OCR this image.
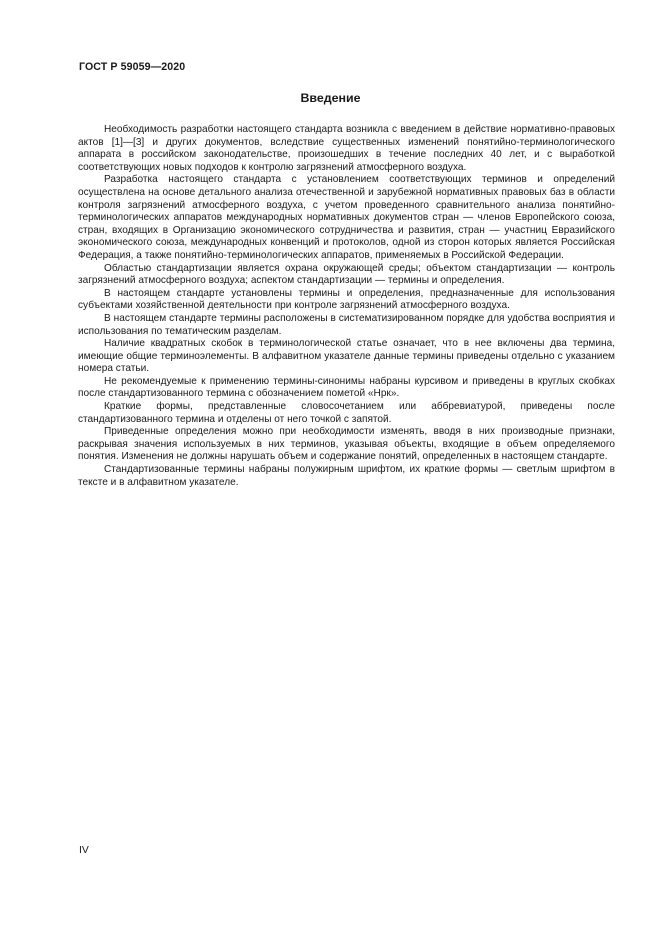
ГОСТ Р 59059—2020
Введение

Необходимость разработки настоящего стандарта возникла с введением в действие нормативно-правовых актов [1]—[3] и других документов, вследствие существенных изменений понятийно-терминологического аппарата в российском законодательстве, произошедших в течение последних 40 лет, и с выработкой соответствующих новых подходов к контролю загрязнений атмосферного воздуха.

Разработка настоящего стандарта с установлением соответствующих терминов и определений осуществлена на основе детального анализа отечественной и зарубежной нормативных правовых баз в области контроля загрязнений атмосферного воздуха, с учетом проведенного сравнительного анализа понятийно-терминологических аппаратов международных нормативных документов стран — членов Европейского союза, стран, входящих в Организацию экономического сотрудничества и развития, стран — участниц Евразийского экономического союза, международных конвенций и протоколов, одной из сторон которых является Российская Федерация, а также понятийно-терминологических аппаратов, применяемых в Российской Федерации.

Областью стандартизации является охрана окружающей среды; объектом стандартизации — контроль загрязнений атмосферного воздуха; аспектом стандартизации — термины и определения.

В настоящем стандарте установлены термины и определения, предназначенные для использования субъектами хозяйственной деятельности при контроле загрязнений атмосферного воздуха.

В настоящем стандарте термины расположены в систематизированном порядке для удобства восприятия и использования по тематическим разделам.

Наличие квадратных скобок в терминологической статье означает, что в нее включены два термина, имеющие общие терминоэлементы. В алфавитном указателе данные термины приведены отдельно с указанием номера статьи.

Не рекомендуемые к применению термины-синонимы набраны курсивом и приведены в круглых скобках после стандартизованного термина с обозначением пометой «Нрк».

Краткие формы, представленные словосочетанием или аббревиатурой, приведены после стандартизованного термина и отделены от него точкой с запятой.

Приведенные определения можно при необходимости изменять, вводя в них производные признаки, раскрывая значения используемых в них терминов, указывая объекты, входящие в объем определяемого понятия. Изменения не должны нарушать объем и содержание понятий, определенных в настоящем стандарте.

Стандартизованные термины набраны полужирным шрифтом, их краткие формы — светлым шрифтом в тексте и в алфавитном указателе.

IV
